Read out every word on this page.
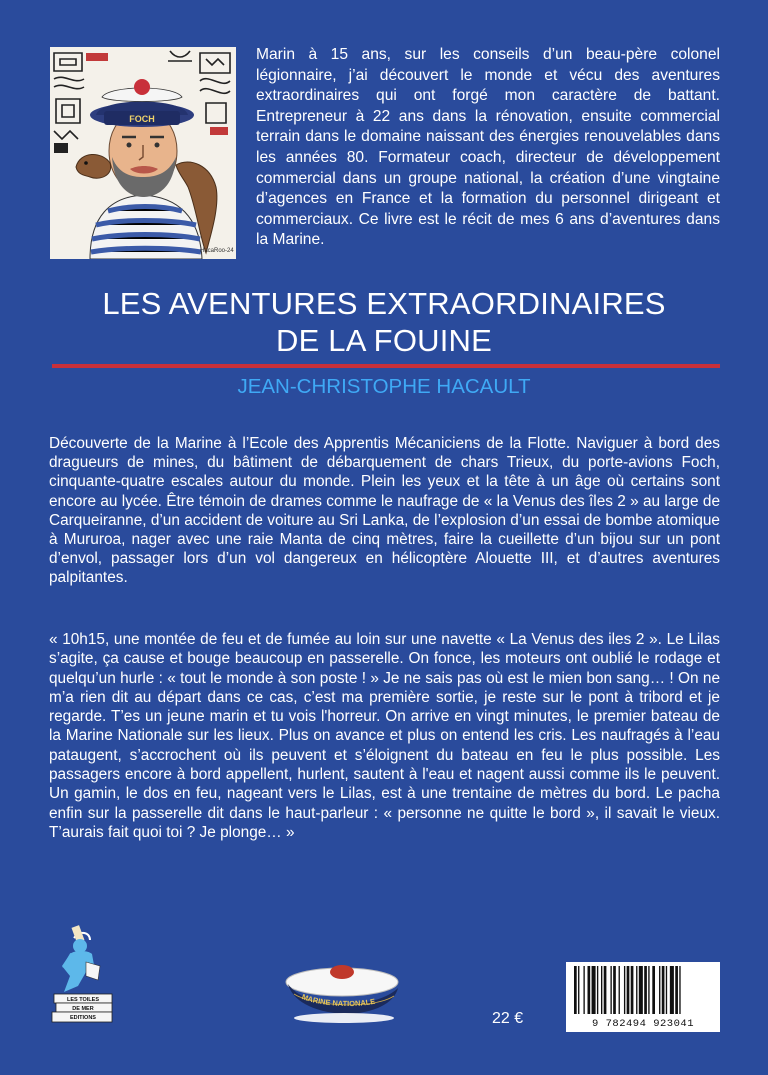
FOCH
HacaRoo-24

Marin à 15 ans, sur les conseils d’un beau-père colonel légionnaire, j’ai découvert le monde et vécu des aventures extraordinaires qui ont forgé mon caractère de battant. Entrepreneur à 22 ans dans la rénovation, ensuite commercial terrain dans le domaine naissant des énergies renouvelables dans les années 80. Formateur coach, directeur de développement commercial dans un groupe national, la création d’une vingtaine d’agences en France et la formation du personnel dirigeant et commerciaux. Ce livre est le récit de mes 6 ans d’aventures dans la Marine.

LES AVENTURES EXTRAORDINAIRES
DE LA FOUINE
JEAN-CHRISTOPHE HACAULT

Découverte de la Marine à l’Ecole des Apprentis Mécaniciens de la Flotte. Naviguer à bord des dragueurs de mines, du bâtiment de débarquement de chars Trieux, du porte-avions Foch, cinquante-quatre escales autour du monde. Plein les yeux et la tête à un âge où certains sont encore au lycée. Être témoin de drames comme le naufrage de « la Venus des îles 2 » au large de Carqueiranne, d’un accident de voiture au Sri Lanka, de l’explosion d’un essai de bombe atomique à Mururoa, nager avec une raie Manta de cinq mètres, faire la cueillette d’un bijou sur un pont d’envol, passager lors d’un vol dangereux en hélicoptère Alouette III, et d’autres aventures palpitantes.

« 10h15, une montée de feu et de fumée au loin sur une navette « La Venus des iles 2 ». Le Lilas s’agite, ça cause et bouge beaucoup en passerelle. On fonce, les moteurs ont oublié le rodage et quelqu’un hurle : « tout le monde à son poste ! » Je ne sais pas où est le mien bon sang… ! On ne m’a rien dit au départ dans ce cas, c’est ma première sortie, je reste sur le pont à tribord et je regarde. T’es un jeune marin et tu vois l'horreur. On arrive en vingt minutes, le premier bateau de la Marine Nationale sur les lieux. Plus on avance et plus on entend les cris. Les naufragés à l’eau pataugent, s’accrochent où ils peuvent et s’éloignent du bateau en feu le plus possible. Les passagers encore à bord appellent, hurlent, sautent à l'eau et nagent aussi comme ils le peuvent. Un gamin, le dos en feu, nageant vers le Lilas, est à une trentaine de mètres du bord. Le pacha enfin sur la passerelle dit dans le haut-parleur : « personne ne quitte le bord », il savait le vieux. T’aurais fait quoi toi ? Je plonge… »

LES TOILES
DE MER
EDITIONS
MARINE NATIONALE

22 €	9 782494 923041
